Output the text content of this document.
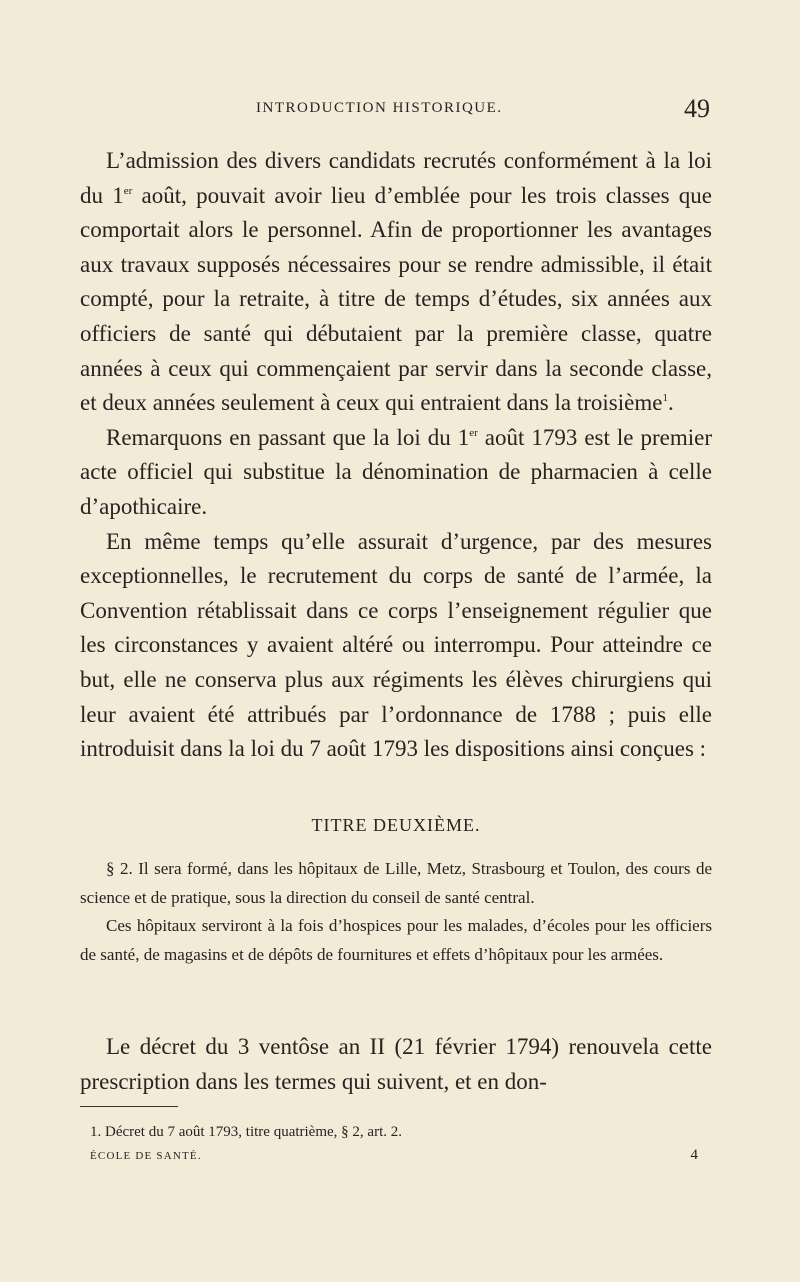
INTRODUCTION HISTORIQUE.	49

L’admission des divers candidats recrutés conformément à la loi du 1er août, pouvait avoir lieu d’emblée pour les trois classes que comportait alors le personnel. Afin de proportionner les avantages aux travaux supposés nécessaires pour se rendre admissible, il était compté, pour la retraite, à titre de temps d’études, six années aux officiers de santé qui débutaient par la première classe, quatre années à ceux qui commençaient par servir dans la seconde classe, et deux années seulement à ceux qui entraient dans la troisième$^1$.

Remarquons en passant que la loi du 1er août 1793 est le premier acte officiel qui substitue la dénomination de pharmacien à celle d’apothicaire.

En même temps qu’elle assurait d’urgence, par des mesures exceptionnelles, le recrutement du corps de santé de l’armée, la Convention rétablissait dans ce corps l’enseignement régulier que les circonstances y avaient altéré ou interrompu. Pour atteindre ce but, elle ne conserva plus aux régiments les élèves chirurgiens qui leur avaient été attribués par l’ordonnance de 1788 ; puis elle introduisit dans la loi du 7 août 1793 les dispositions ainsi conçues :

TITRE DEUXIÈME.

§ 2. Il sera formé, dans les hôpitaux de Lille, Metz, Strasbourg et Toulon, des cours de science et de pratique, sous la direction du conseil de santé central.

Ces hôpitaux serviront à la fois d’hospices pour les malades, d’écoles pour les officiers de santé, de magasins et de dépôts de fournitures et effets d’hôpitaux pour les armées.

Le décret du 3 ventôse an II (21 février 1794) renouvela cette prescription dans les termes qui suivent, et en don-

1. Décret du 7 août 1793, titre quatrième, § 2, art. 2.
ÉCOLE DE SANTÉ.	4
